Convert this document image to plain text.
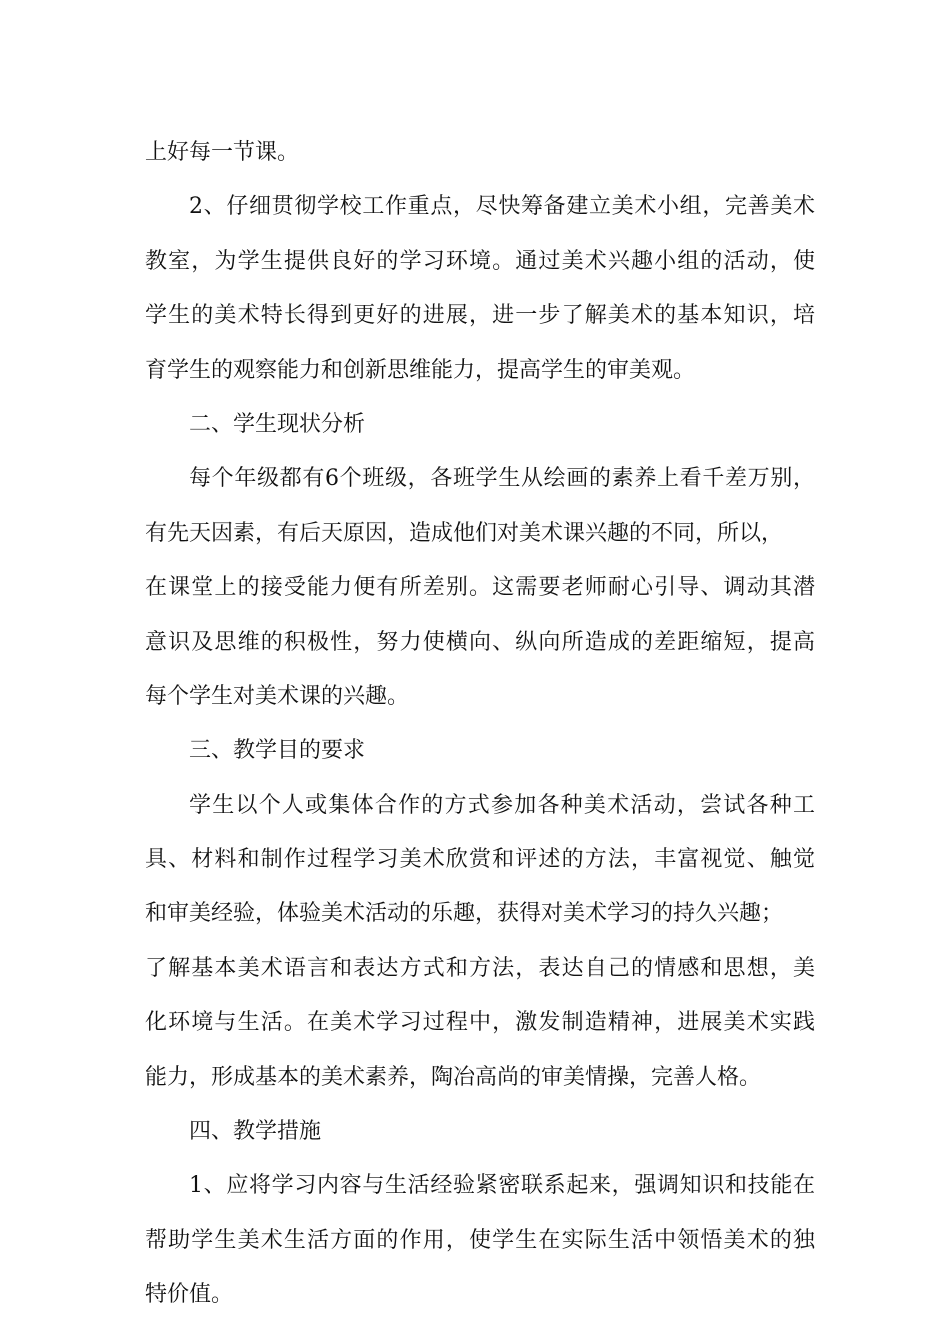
上好每一节课。
2、仔细贯彻学校工作重点，尽快筹备建立美术小组，完善美术
教室，为学生提供良好的学习环境。通过美术兴趣小组的活动，使
学生的美术特长得到更好的进展，进一步了解美术的基本知识，培
育学生的观察能力和创新思维能力，提高学生的审美观。
二、学生现状分析
每个年级都有6个班级，各班学生从绘画的素养上看千差万别，
有先天因素，有后天原因，造成他们对美术课兴趣的不同，所以，
在课堂上的接受能力便有所差别。这需要老师耐心引导、调动其潜
意识及思维的积极性，努力使横向、纵向所造成的差距缩短，提高
每个学生对美术课的兴趣。
三、教学目的要求
学生以个人或集体合作的方式参加各种美术活动，尝试各种工
具、材料和制作过程学习美术欣赏和评述的方法，丰富视觉、触觉
和审美经验，体验美术活动的乐趣，获得对美术学习的持久兴趣；
了解基本美术语言和表达方式和方法，表达自己的情感和思想，美
化环境与生活。在美术学习过程中，激发制造精神，进展美术实践
能力，形成基本的美术素养，陶冶高尚的审美情操，完善人格。
四、教学措施
1、应将学习内容与生活经验紧密联系起来，强调知识和技能在
帮助学生美术生活方面的作用，使学生在实际生活中领悟美术的独
特价值。
